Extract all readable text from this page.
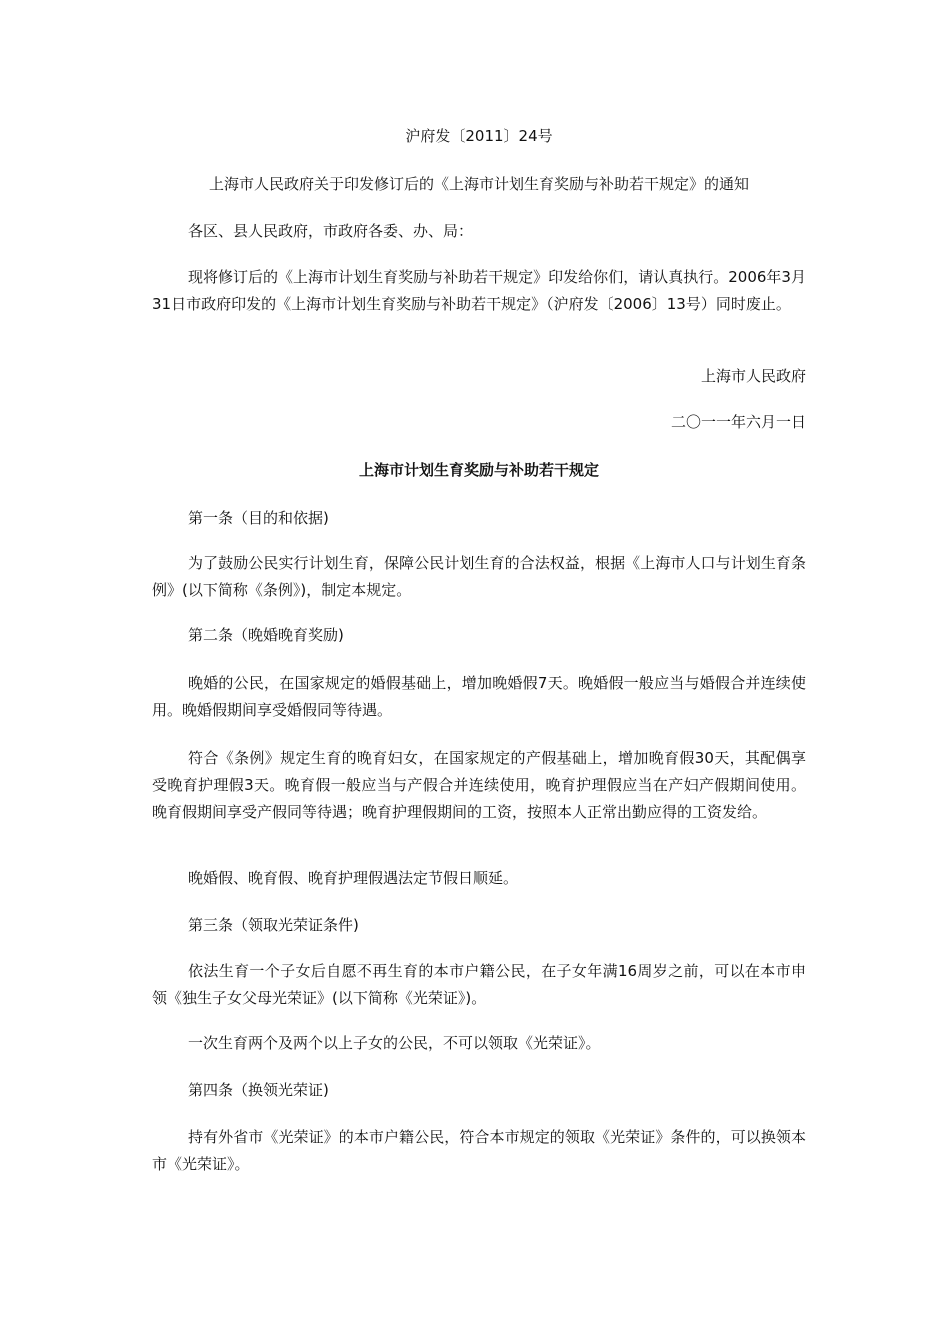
沪府发〔2011〕24号
上海市人民政府关于印发修订后的《上海市计划生育奖励与补助若干规定》的通知
各区、县人民政府，市政府各委、办、局：

现将修订后的《上海市计划生育奖励与补助若干规定》印发给你们，请认真执行。2006年3月31日市政府印发的《上海市计划生育奖励与补助若干规定》（沪府发〔2006〕13号）同时废止。

上海市人民政府
二〇一一年六月一日
上海市计划生育奖励与补助若干规定
第一条（目的和依据)

为了鼓励公民实行计划生育，保障公民计划生育的合法权益，根据《上海市人口与计划生育条例》(以下简称《条例》)，制定本规定。

第二条（晚婚晚育奖励)

晚婚的公民，在国家规定的婚假基础上，增加晚婚假7天。晚婚假一般应当与婚假合并连续使用。晚婚假期间享受婚假同等待遇。

符合《条例》规定生育的晚育妇女，在国家规定的产假基础上，增加晚育假30天，其配偶享受晚育护理假3天。晚育假一般应当与产假合并连续使用，晚育护理假应当在产妇产假期间使用。晚育假期间享受产假同等待遇；晚育护理假期间的工资，按照本人正常出勤应得的工资发给。

晚婚假、晚育假、晚育护理假遇法定节假日顺延。
第三条（领取光荣证条件)

依法生育一个子女后自愿不再生育的本市户籍公民，在子女年满16周岁之前，可以在本市申领《独生子女父母光荣证》(以下简称《光荣证》)。

一次生育两个及两个以上子女的公民，不可以领取《光荣证》。
第四条（换领光荣证)

持有外省市《光荣证》的本市户籍公民，符合本市规定的领取《光荣证》条件的，可以换领本市《光荣证》。
